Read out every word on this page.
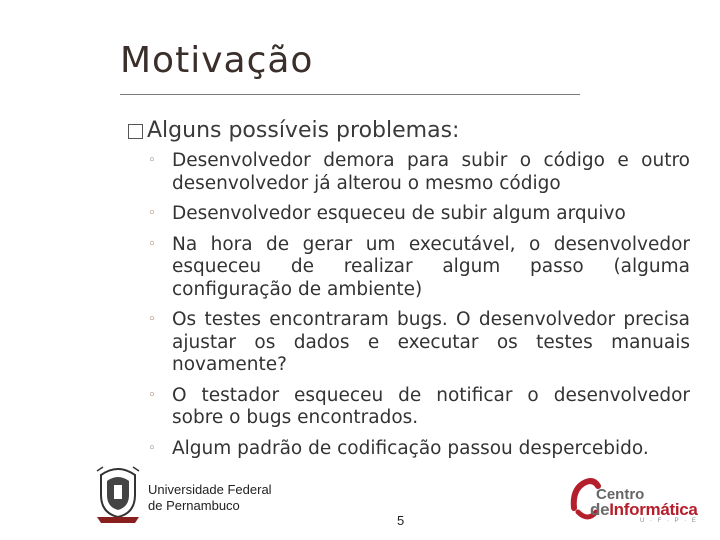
Motivação
Alguns possíveis problemas:
◦ Desenvolvedor demora para subir o código e outro desenvolvedor já alterou o mesmo código
◦ Desenvolvedor esqueceu de subir algum arquivo
◦ Na hora de gerar um executável, o desenvolvedor esqueceu de realizar algum passo (alguma configuração de ambiente)
◦ Os testes encontraram bugs. O desenvolvedor precisa ajustar os dados e executar os testes manuais novamente?
◦ O testador esqueceu de notificar o desenvolvedor sobre o bugs encontrados.
◦ Algum padrão de codificação passou despercebido.
Universidade Federal
de Pernambuco
5
Centro
deInformática
U · F · P · E
